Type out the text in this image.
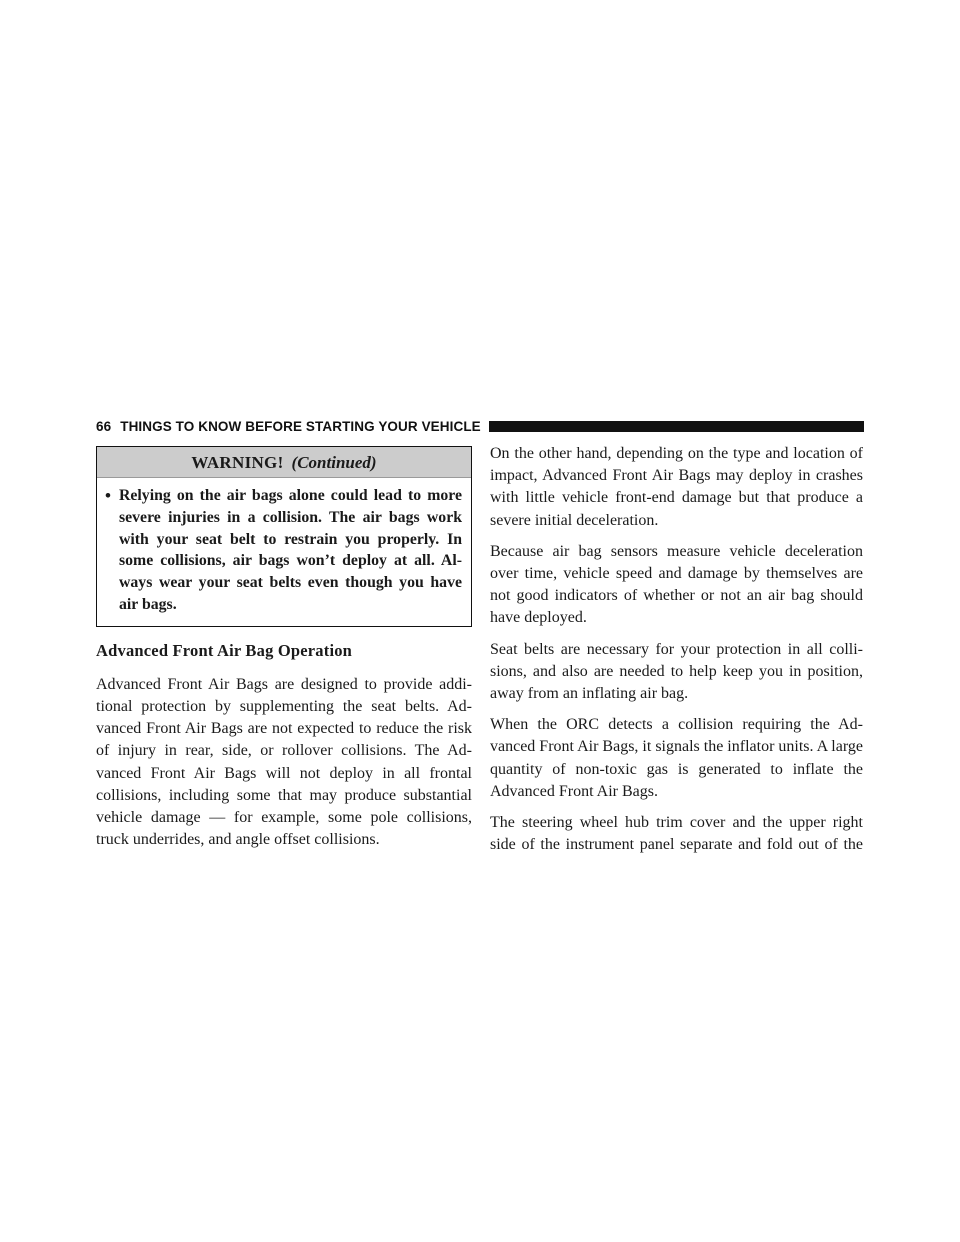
66 THINGS TO KNOW BEFORE STARTING YOUR VEHICLE
WARNING! (Continued)
• Relying on the air bags alone could lead to more severe injuries in a collision. The air bags work with your seat belt to restrain you properly. In some collisions, air bags won’t deploy at all. Al-ways wear your seat belts even though you have air bags.
Advanced Front Air Bag Operation

Advanced Front Air Bags are designed to provide addi-tional protection by supplementing the seat belts. Ad-vanced Front Air Bags are not expected to reduce the risk of injury in rear, side, or rollover collisions. The Ad-vanced Front Air Bags will not deploy in all frontal collisions, including some that may produce substantial vehicle damage — for example, some pole collisions, truck underrides, and angle offset collisions.

On the other hand, depending on the type and location of impact, Advanced Front Air Bags may deploy in crashes with little vehicle front-end damage but that produce a severe initial deceleration.

Because air bag sensors measure vehicle deceleration over time, vehicle speed and damage by themselves are not good indicators of whether or not an air bag should have deployed.

Seat belts are necessary for your protection in all colli-sions, and also are needed to help keep you in position, away from an inflating air bag.

When the ORC detects a collision requiring the Ad-vanced Front Air Bags, it signals the inflator units. A large quantity of non-toxic gas is generated to inflate the Advanced Front Air Bags.

The steering wheel hub trim cover and the upper right side of the instrument panel separate and fold out of the
